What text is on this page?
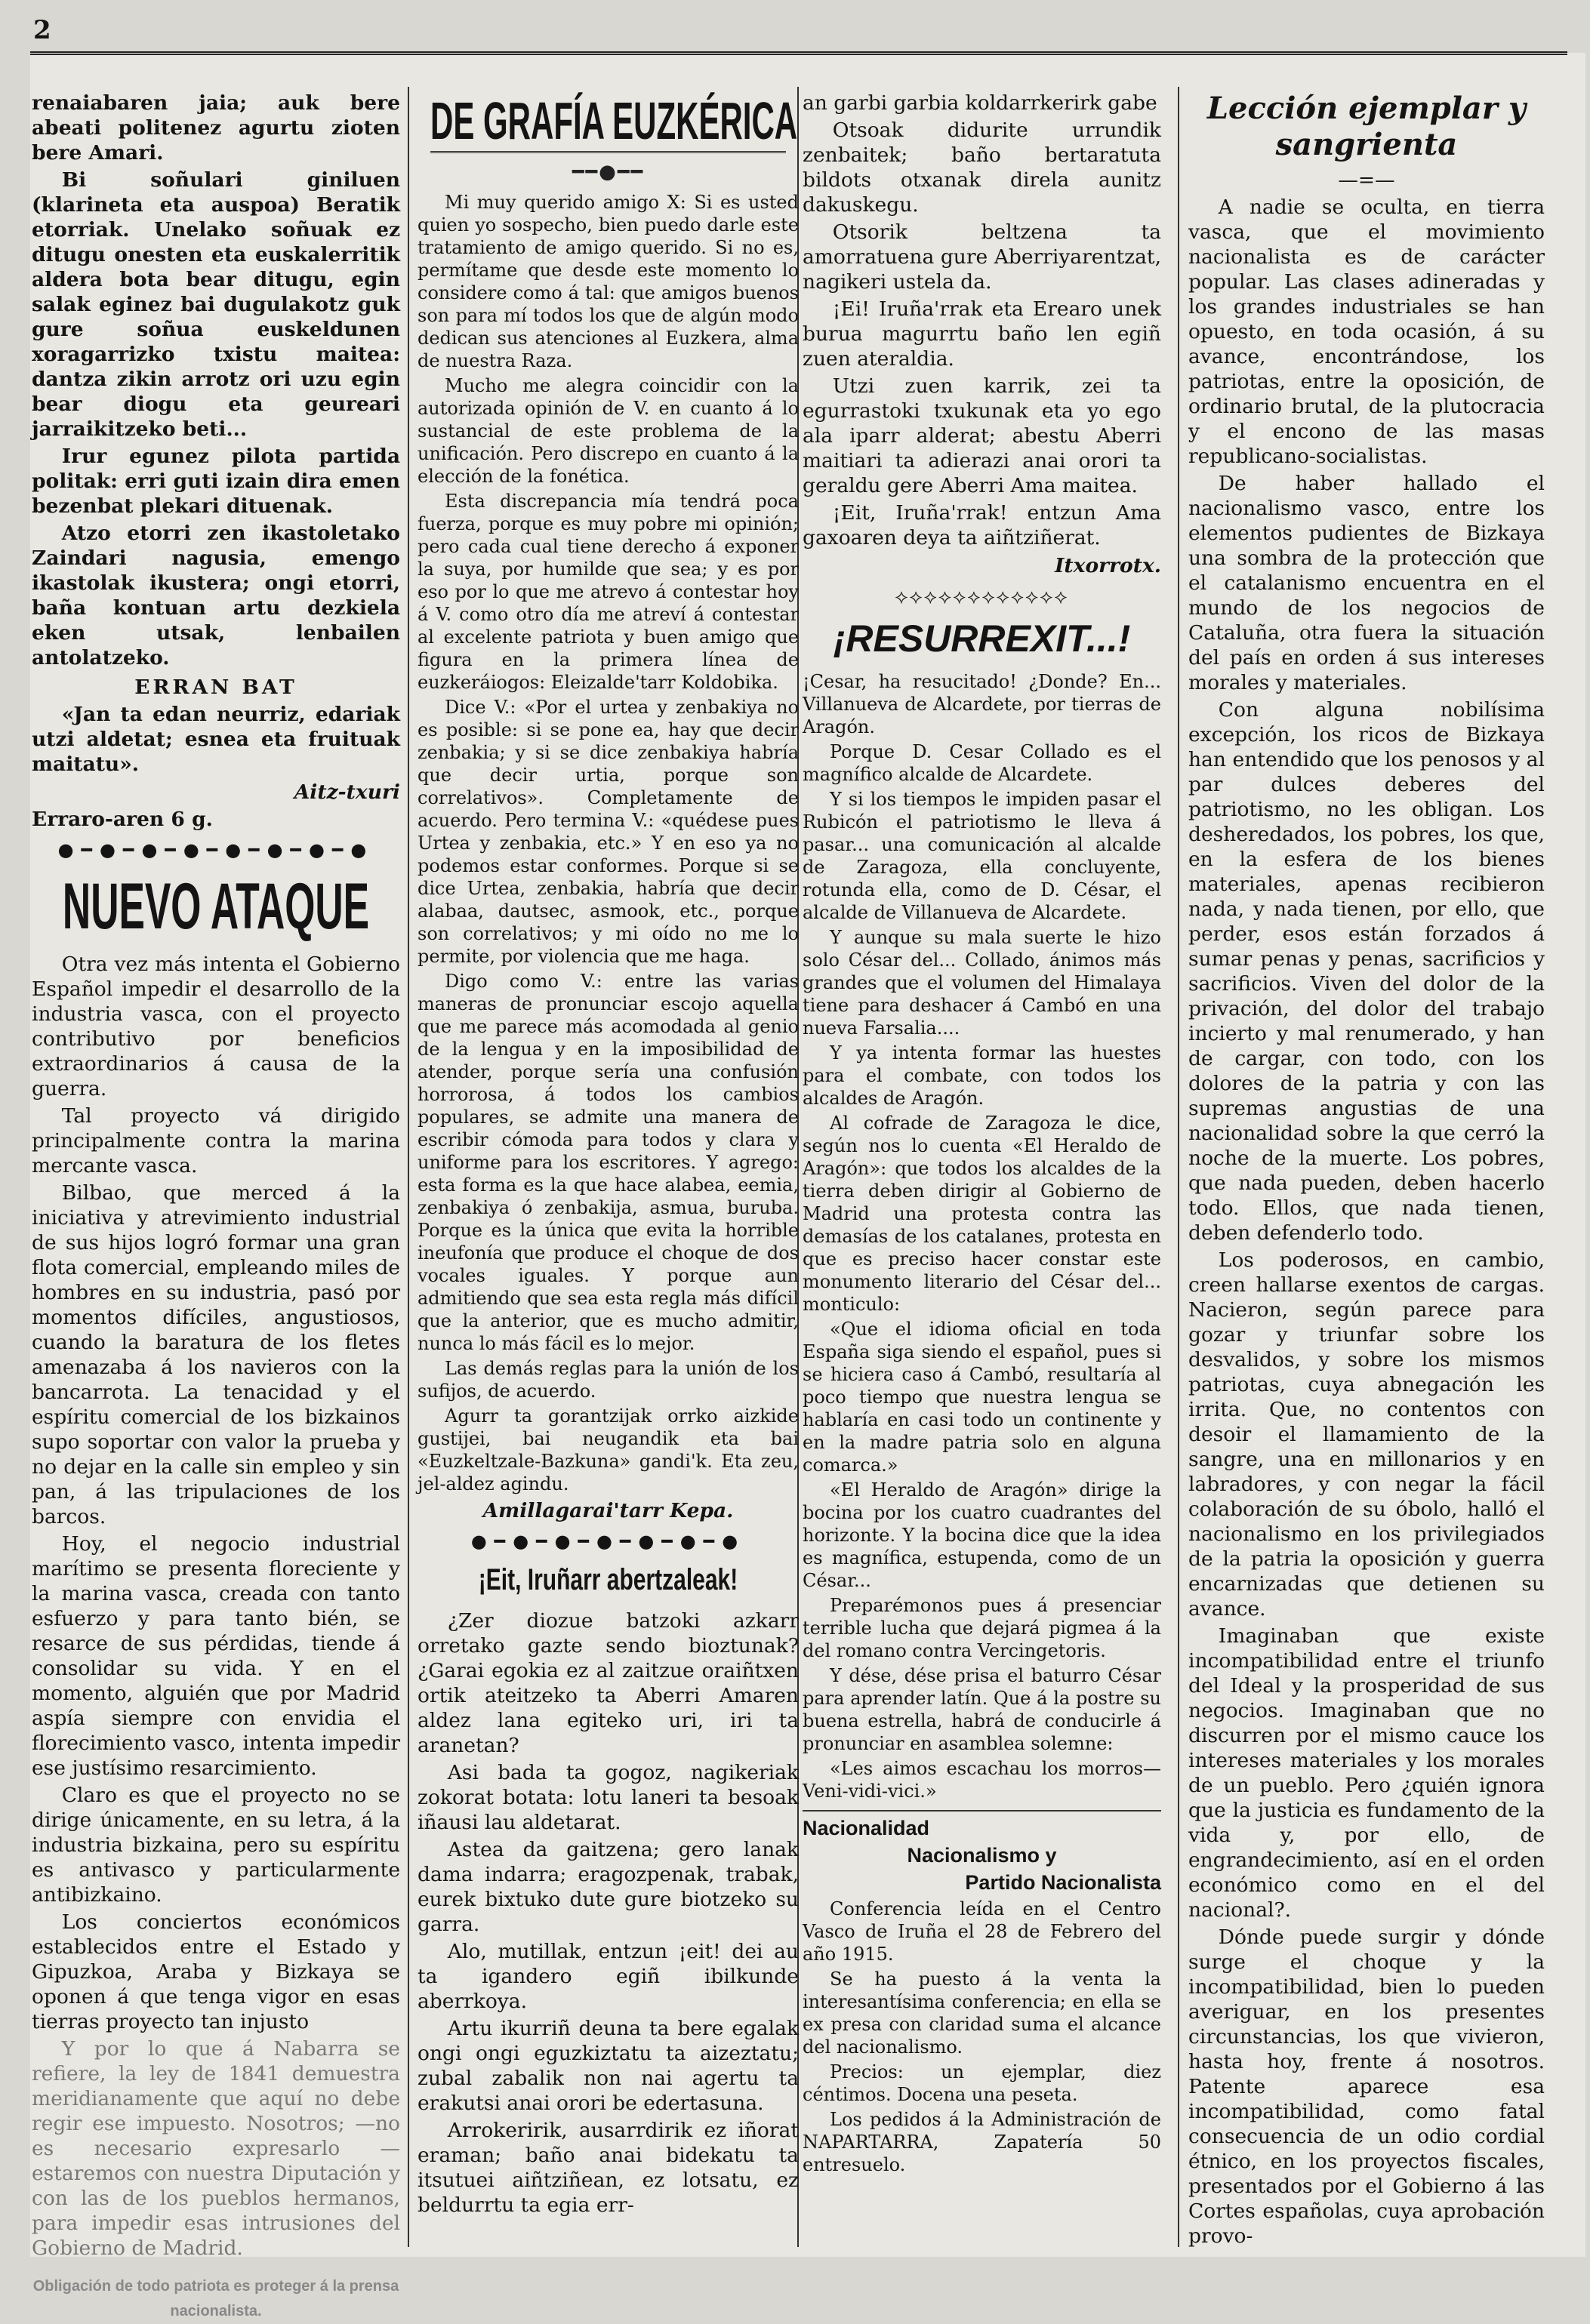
2

renaiabaren jaia; auk bere abeati politenez agurtu zioten bere Amari.

Bi soñulari giniluen (klarineta eta auspoa) Beratik etorriak. Unelako soñuak ez ditugu onesten eta euskalerritik aldera bota bear ditugu, egin salak eginez bai dugulakotz guk gure soñua euskeldunen xoragarrizko txistu maitea: dantza zikin arrotz ori uzu egin bear diogu eta geureari jarraikitzeko beti...

Irur egunez pilota partida politak: erri guti izain dira emen bezenbat plekari dituenak.

Atzo etorri zen ikastoletako Zaindari nagusia, emengo ikastolak ikustera; ongi etorri, baña kontuan artu dezkiela eken utsak, lenbailen antolatzeko.

ERRAN BAT

«Jan ta edan neurriz, edariak utzi aldetat; esnea eta fruituak maitatu».

Aitz-txuri

Erraro-aren 6 g.

●━●━●━●━●━●━●━●
NUEVO ATAQUE

Otra vez más intenta el Gobierno Español impedir el desarrollo de la industria vasca, con el proyecto contributivo por beneficios extraordinarios á causa de la guerra.

Tal proyecto vá dirigido principalmente contra la marina mercante vasca.

Bilbao, que merced á la iniciativa y atrevimiento industrial de sus hijos logró formar una gran flota comercial, empleando miles de hombres en su industria, pasó por momentos difíciles, angustiosos, cuando la baratura de los fletes amenazaba á los navieros con la bancarrota. La tenacidad y el espíritu comercial de los bizkainos supo soportar con valor la prueba y no dejar en la calle sin empleo y sin pan, á las tripulaciones de los barcos.

Hoy, el negocio industrial marítimo se presenta floreciente y la marina vasca, creada con tanto esfuerzo y para tanto bién, se resarce de sus pérdidas, tiende á consolidar su vida. Y en el momento, alguién que por Madrid aspía siempre con envidia el florecimiento vasco, intenta impedir ese justísimo resarcimiento.

Claro es que el proyecto no se dirige únicamente, en su letra, á la industria bizkaina, pero su espíritu es antivasco y particularmente antibizkaino.

Los conciertos económicos establecidos entre el Estado y Gipuzkoa, Araba y Bizkaya se oponen á que tenga vigor en esas tierras proyecto tan injusto

Y por lo que á Nabarra se refiere, la ley de 1841 demuestra meridianamente que aquí no debe regir ese impuesto. Nosotros; —no es necesario expresarlo —estaremos con nuestra Diputación y con las de los pueblos hermanos, para impedir esas intrusiones del Gobierno de Madrid.

Obligación de todo patriota es proteger á la prensa nacionalista.
DE GRAFÍA EUZKÉRICA
━━●━━

Mi muy querido amigo X: Si es usted quien yo sospecho, bien puedo darle este tratamiento de amigo querido. Si no es, permítame que desde este momento lo considere como á tal: que amigos buenos son para mí todos los que de algún modo dedican sus atenciones al Euzkera, alma de nuestra Raza.

Mucho me alegra coincidir con la autorizada opinión de V. en cuanto á lo sustancial de este problema de la unificación. Pero discrepo en cuanto á la elección de la fonética.

Esta discrepancia mía tendrá poca fuerza, porque es muy pobre mi opinión; pero cada cual tiene derecho á exponer la suya, por humilde que sea; y es por eso por lo que me atrevo á contestar hoy á V. como otro día me atreví á contestar al excelente patriota y buen amigo que figura en la primera línea de euzkeráiogos: Eleizalde'tarr Koldobika.

Dice V.: «Por el urtea y zenbakiya no es posible: si se pone ea, hay que decir zenbakia; y si se dice zenbakiya habría que decir urtia, porque son correlativos». Completamente de acuerdo. Pero termina V.: «quédese pues Urtea y zenbakia, etc.» Y en eso ya no podemos estar conformes. Porque si se dice Urtea, zenbakia, habría que decir alabaa, dautsec, asmook, etc., porque son correlativos; y mi oído no me lo permite, por violencia que me haga.

Digo como V.: entre las varias maneras de pronunciar escojo aquella que me parece más acomodada al genio de la lengua y en la imposibilidad de atender, porque sería una confusión horrorosa, á todos los cambios populares, se admite una manera de escribir cómoda para todos y clara y uniforme para los escritores. Y agrego: esta forma es la que hace alabea, eemia, zenbakiya ó zenbakija, asmua, buruba. Porque es la única que evita la horrible ineufonía que produce el choque de dos vocales iguales. Y porque aun admitiendo que sea esta regla más difícil que la anterior, que es mucho admitir, nunca lo más fácil es lo mejor.

Las demás reglas para la unión de los sufijos, de acuerdo.

Agurr ta gorantzijak orrko aizkide gustijei, bai neugandik eta bai «Euzkeltzale-Bazkuna» gandi'k. Eta zeu, jel-aldez agindu.

Amillagarai'tarr Kepa.

●━●━●━●━●━●━●
¡Eit, Iruñarr abertzaleak!

¿Zer diozue batzoki azkarr orretako gazte sendo bioztunak? ¿Garai egokia ez al zaitzue oraiñtxen ortik ateitzeko ta Aberri Amaren aldez lana egiteko uri, iri ta aranetan?

Asi bada ta gogoz, nagikeriak zokorat botata: lotu laneri ta besoak iñausi lau aldetarat.

Astea da gaitzena; gero lanak dama indarra; eragozpenak, trabak, eurek bixtuko dute gure biotzeko su garra.

Alo, mutillak, entzun ¡eit! dei au ta igandero egiñ ibilkunde aberrkoya.

Artu ikurriñ deuna ta bere egalak ongi ongi eguzkiztatu ta aizeztatu; zubal zabalik non nai agertu ta erakutsi anai orori be edertasuna.

Arrokeririk, ausarrdirik ez iñorat eraman; baño anai bidekatu ta itsutuei aiñtziñean, ez lotsatu, ez beldurrtu ta egia err-

an garbi garbia koldarrkerirk gabe

Otsoak didurite urrundik zenbaitek; baño bertaratuta bildots otxanak direla aunitz dakuskegu.

Otsorik beltzena ta amorratuena gure Aberriyarentzat, nagikeri ustela da.

¡Ei! Iruña'rrak eta Erearo unek burua magurrtu baño len egiñ zuen ateraldia.

Utzi zuen karrik, zei ta egurrastoki txukunak eta yo ego ala iparr alderat; abestu Aberri maitiari ta adierazi anai orori ta geraldu gere Aberri Ama maitea.

¡Eit, Iruña'rrak! entzun Ama gaxoaren deya ta aiñtziñerat.

Itxorrotx.

⟡⟡⟡⟡⟡⟡⟡⟡⟡⟡⟡⟡
¡RESURREXIT...!

¡Cesar, ha resucitado! ¿Donde? En... Villanueva de Alcardete, por tierras de Aragón.

Porque D. Cesar Collado es el magnífico alcalde de Alcardete.

Y si los tiempos le impiden pasar el Rubicón el patriotismo le lleva á pasar... una comunicación al alcalde de Zaragoza, ella concluyente, rotunda ella, como de D. César, el alcalde de Villanueva de Alcardete.

Y aunque su mala suerte le hizo solo César del... Collado, ánimos más grandes que el volumen del Himalaya tiene para deshacer á Cambó en una nueva Farsalia....

Y ya intenta formar las huestes para el combate, con todos los alcaldes de Aragón.

Al cofrade de Zaragoza le dice, según nos lo cuenta «El Heraldo de Aragón»: que todos los alcaldes de la tierra deben dirigir al Gobierno de Madrid una protesta contra las demasías de los catalanes, protesta en que es preciso hacer constar este monumento literario del César del... monticulo:

«Que el idioma oficial en toda España siga siendo el español, pues si se hiciera caso á Cambó, resultaría al poco tiempo que nuestra lengua se hablaría en casi todo un continente y en la madre patria solo en alguna comarca.»

«El Heraldo de Aragón» dirige la bocina por los cuatro cuadrantes del horizonte. Y la bocina dice que la idea es magnífica, estupenda, como de un César...

Preparémonos pues á presenciar terrible lucha que dejará pigmea á la del romano contra Vercingetoris.

Y dése, dése prisa el baturro César para aprender latín. Que á la postre su buena estrella, habrá de conducirle á pronunciar en asamblea solemne:

«Les aimos escachau los morros— Veni-vidi-vici.»

Nacionalidad

Nacionalismo y

Partido Nacionalista

Conferencia leída en el Centro Vasco de Iruña el 28 de Febrero del año 1915.

Se ha puesto á la venta la interesantísima conferencia; en ella se ex presa con claridad suma el alcance del nacionalismo.

Precios: un ejemplar, diez céntimos. Docena una peseta.

Los pedidos á la Administración de NAPARTARRA, Zapatería 50 entresuelo.

Lección ejemplar y sangrienta

—=—

A nadie se oculta, en tierra vasca, que el movimiento nacionalista es de carácter popular. Las clases adineradas y los grandes industriales se han opuesto, en toda ocasión, á su avance, encontrándose, los patriotas, entre la oposición, de ordinario brutal, de la plutocracia y el encono de las masas republicano-socialistas.

De haber hallado el nacionalismo vasco, entre los elementos pudientes de Bizkaya una sombra de la protección que el catalanismo encuentra en el mundo de los negocios de Cataluña, otra fuera la situación del país en orden á sus intereses morales y materiales.

Con alguna nobilísima excepción, los ricos de Bizkaya han entendido que los penosos y al par dulces deberes del patriotismo, no les obligan. Los desheredados, los pobres, los que, en la esfera de los bienes materiales, apenas recibieron nada, y nada tienen, por ello, que perder, esos están forzados á sumar penas y penas, sacrificios y sacrificios. Viven del dolor de la privación, del dolor del trabajo incierto y mal renumerado, y han de cargar, con todo, con los dolores de la patria y con las supremas angustias de una nacionalidad sobre la que cerró la noche de la muerte. Los pobres, que nada pueden, deben hacerlo todo. Ellos, que nada tienen, deben defenderlo todo.

Los poderosos, en cambio, creen hallarse exentos de cargas. Nacieron, según parece para gozar y triunfar sobre los desvalidos, y sobre los mismos patriotas, cuya abnegación les irrita. Que, no contentos con desoir el llamamiento de la sangre, una en millonarios y en labradores, y con negar la fácil colaboración de su óbolo, halló el nacionalismo en los privilegiados de la patria la oposición y guerra encarnizadas que detienen su avance.

Imaginaban que existe incompatibilidad entre el triunfo del Ideal y la prosperidad de sus negocios. Imaginaban que no discurren por el mismo cauce los intereses materiales y los morales de un pueblo. Pero ¿quién ignora que la justicia es fundamento de la vida y, por ello, de engrandecimiento, así en el orden económico como en el del nacional?.

Dónde puede surgir y dónde surge el choque y la incompatibilidad, bien lo pueden averiguar, en los presentes circunstancias, los que vivieron, hasta hoy, frente á nosotros. Patente aparece esa incompatibilidad, como fatal consecuencia de un odio cordial étnico, en los proyectos fiscales, presentados por el Gobierno á las Cortes españolas, cuya aprobación provo-
